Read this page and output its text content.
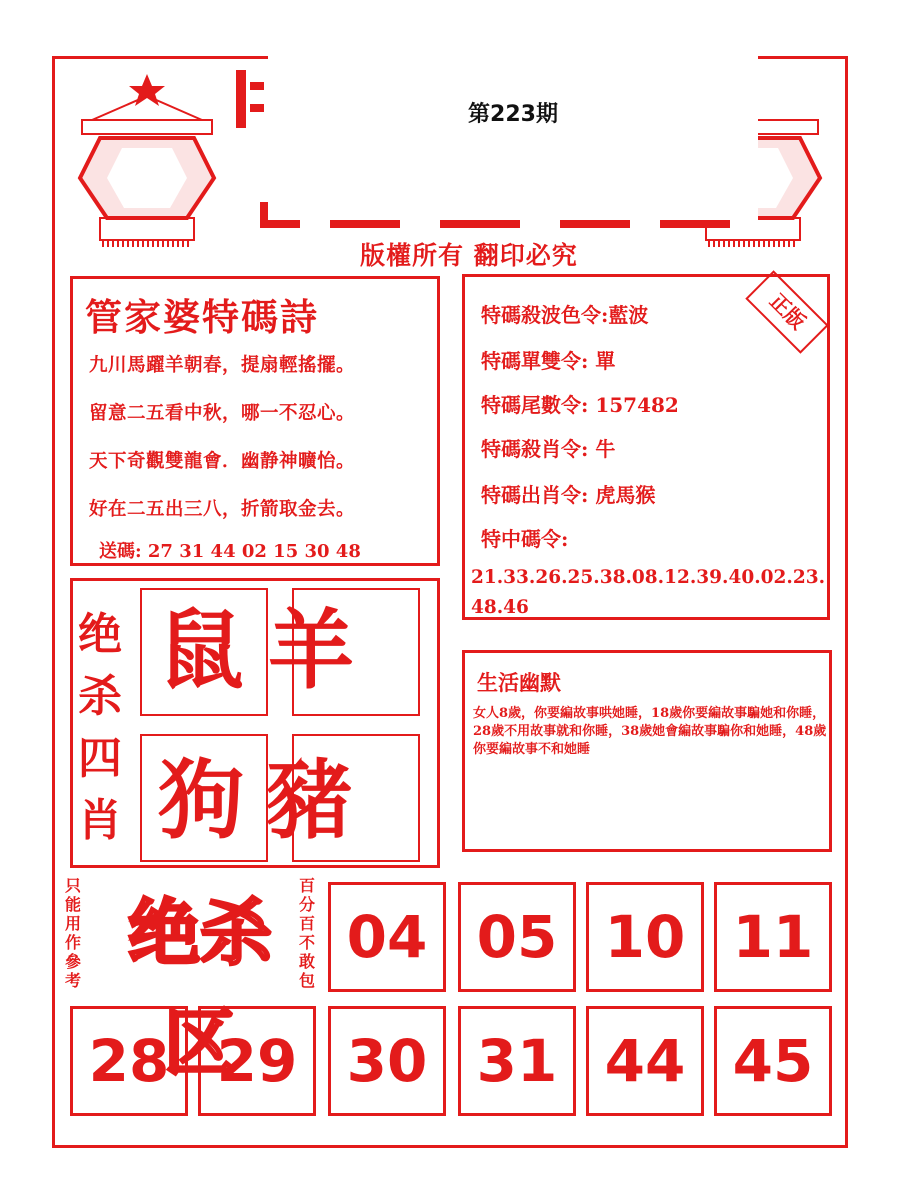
第223期
版權所有 翻印必究
管家婆特碼詩
九川馬躍羊朝春，提扇輕搖擺。
留意二五看中秋，哪一不忍心。
天下奇觀雙龍會．幽静神曠怡。
好在二五出三八，折箭取金去。
送碼: 27 31 44 02 15 30 48
特碼殺波色令:藍波
特碼單雙令: 單
特碼尾數令: 157482
特碼殺肖令: 牛
特碼出肖令: 虎馬猴
特中碼令:
21.33.26.25.38.08.12.39.40.02.23.
48.46
正版
绝
杀
四
肖
鼠 羊
狗 豬
生活幽默
女人8歲，你要編故事哄她睡，18歲你要編故事騙她和你睡，28歲不用故事就和你睡，38歲她會編故事騙你和她睡，48歲你要編故事不和她睡
只能用作參考
绝杀区
百分百不敢包
04 05 10 11
28 29 30 31 44 45
